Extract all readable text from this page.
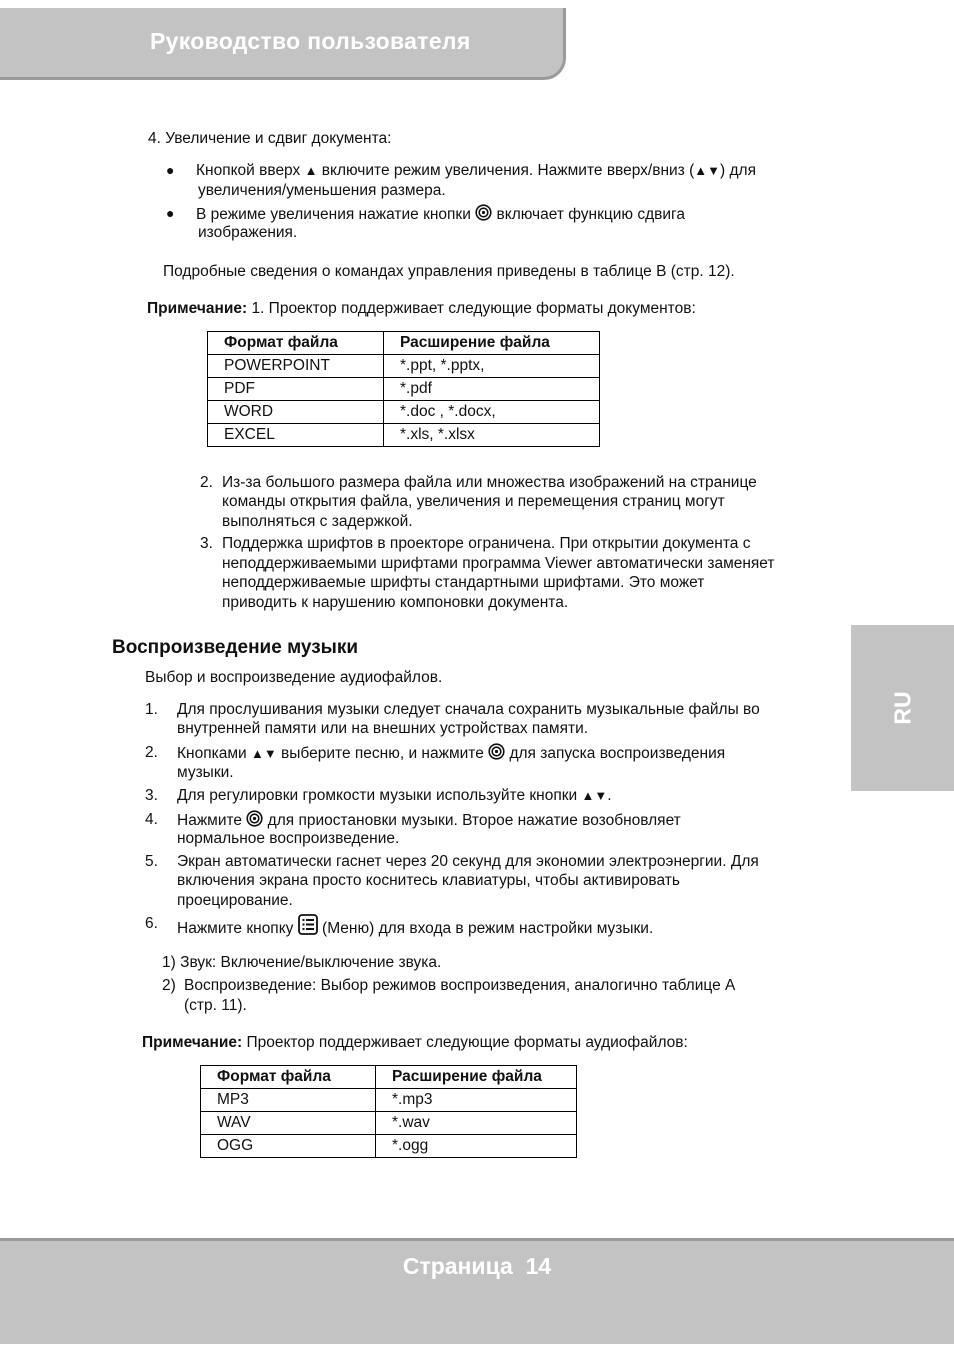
Руководство пользователя
RU
4. Увеличение и сдвиг документа:
● Кнопкой вверх ▲ включите режим увеличения. Нажмите вверх/вниз (▲▼) для
увеличения/уменьшения размера.
● В режиме увеличения нажатие кнопки включает функцию сдвига
изображения.
Подробные сведения о командах управления приведены в таблице B (стр. 12).
Примечание: 1. Проектор поддерживает следующие форматы документов:
Формат файла	Расширение файла
POWERPOINT	*.ppt, *.pptx,
PDF	*.pdf
WORD	*.doc , *.docx,
EXCEL	*.xls, *.xlsx
2. Из-за большого размера файла или множества изображений на странице
команды открытия файла, увеличения и перемещения страниц могут
выполняться с задержкой.
3. Поддержка шрифтов в проекторе ограничена. При открытии документа с
неподдерживаемыми шрифтами программа Viewer автоматически заменяет
неподдерживаемые шрифты стандартными шрифтами. Это может
приводить к нарушению компоновки документа.
Воспроизведение музыки
Выбор и воспроизведение аудиофайлов.
1. Для прослушивания музыки следует сначала сохранить музыкальные файлы во
внутренней памяти или на внешних устройствах памяти.
2. Кнопками ▲▼ выберите песню, и нажмите для запуска воспроизведения
музыки.
3. Для регулировки громкости музыки используйте кнопки ▲▼.
4. Нажмите для приостановки музыки. Второе нажатие возобновляет
нормальное воспроизведение.
5. Экран автоматически гаснет через 20 секунд для экономии электроэнергии. Для
включения экрана просто коснитесь клавиатуры, чтобы активировать
проецирование.
6. Нажмите кнопку (Меню) для входа в режим настройки музыки.
1) Звук: Включение/выключение звука.
2) Воспроизведение: Выбор режимов воспроизведения, аналогично таблице A
(стр. 11).
Примечание: Проектор поддерживает следующие форматы аудиофайлов:
Формат файла	Расширение файла
MP3	*.mp3
WAV	*.wav
OGG	*.ogg
Страница  14
